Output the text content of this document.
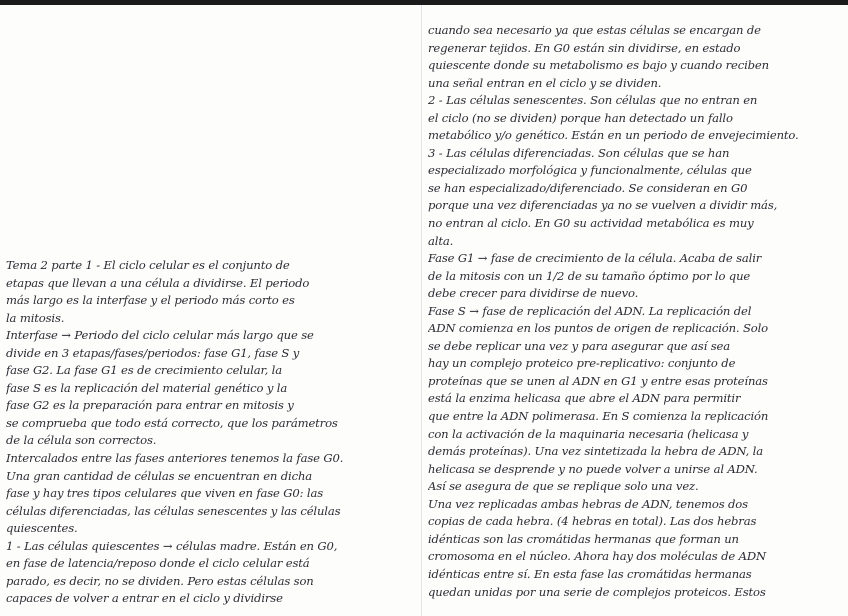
Tema 2 parte 1 - El ciclo celular es el conjunto de
etapas que llevan a una célula a dividirse. El periodo
más largo es la interfase y el periodo más corto es
la mitosis.
Interfase → Periodo del ciclo celular más largo que se
divide en 3 etapas/fases/periodos: fase G1, fase S y
fase G2. La fase G1 es de crecimiento celular, la
fase S es la replicación del material genético y la
fase G2 es la preparación para entrar en mitosis y
se comprueba que todo está correcto, que los parámetros
de la célula son correctos.
Intercalados entre las fases anteriores tenemos la fase G0.
Una gran cantidad de células se encuentran en dicha
fase y hay tres tipos celulares que viven en fase G0: las
células diferenciadas, las células senescentes y las células
quiescentes.
1 - Las células quiescentes → células madre. Están en G0,
en fase de latencia/reposo donde el ciclo celular está
parado, es decir, no se dividen. Pero estas células son
capaces de volver a entrar en el ciclo y dividirse
cuando sea necesario ya que estas células se encargan de
regenerar tejidos. En G0 están sin dividirse, en estado
quiescente donde su metabolismo es bajo y cuando reciben
una señal entran en el ciclo y se dividen.
2 - Las células senescentes. Son células que no entran en
el ciclo (no se dividen) porque han detectado un fallo
metabólico y/o genético. Están en un periodo de envejecimiento.
3 - Las células diferenciadas. Son células que se han
especializado morfológica y funcionalmente, células que
se han especializado/diferenciado. Se consideran en G0
porque una vez diferenciadas ya no se vuelven a dividir más,
no entran al ciclo. En G0 su actividad metabólica es muy
alta.
Fase G1 → fase de crecimiento de la célula. Acaba de salir
de la mitosis con un 1/2 de su tamaño óptimo por lo que
debe crecer para dividirse de nuevo.
Fase S → fase de replicación del ADN. La replicación del
ADN comienza en los puntos de origen de replicación. Solo
se debe replicar una vez y para asegurar que así sea
hay un complejo proteico pre-replicativo: conjunto de
proteínas que se unen al ADN en G1 y entre esas proteínas
está la enzima helicasa que abre el ADN para permitir
que entre la ADN polimerasa. En S comienza la replicación
con la activación de la maquinaria necesaria (helicasa y
demás proteínas). Una vez sintetizada la hebra de ADN, la
helicasa se desprende y no puede volver a unirse al ADN.
Así se asegura de que se replique solo una vez.
Una vez replicadas ambas hebras de ADN, tenemos dos
copias de cada hebra. (4 hebras en total). Las dos hebras
idénticas son las cromátidas hermanas que forman un
cromosoma en el núcleo. Ahora hay dos moléculas de ADN
idénticas entre sí. En esta fase las cromátidas hermanas
quedan unidas por una serie de complejos proteicos. Estos
